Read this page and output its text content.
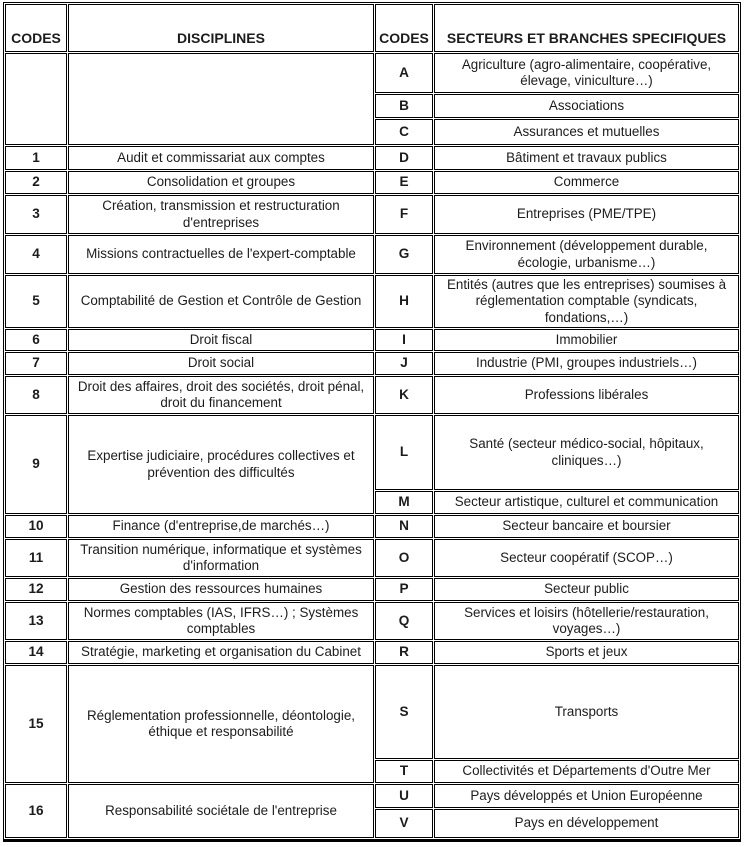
CODES	DISCIPLINES	CODES	SECTEURS ET BRANCHES SPECIFIQUES
		A	Agriculture (agro-alimentaire, coopérative, élevage, viniculture…)
		B	Associations
		C	Assurances et mutuelles
1	Audit et commissariat aux comptes	D	Bâtiment et travaux publics
2	Consolidation et groupes	E	Commerce
3	Création, transmission et restructuration d'entreprises	F	Entreprises (PME/TPE)
4	Missions contractuelles de l'expert-comptable	G	Environnement (développement durable, écologie, urbanisme…)
5	Comptabilité de Gestion et Contrôle de Gestion	H	Entités (autres que les entreprises) soumises à réglementation comptable (syndicats, fondations,…)
6	Droit fiscal	I	Immobilier
7	Droit social	J	Industrie (PMI, groupes industriels…)
8	Droit des affaires, droit des sociétés, droit pénal, droit du financement	K	Professions libérales
9	Expertise judiciaire, procédures collectives et prévention des difficultés	L	Santé (secteur médico-social, hôpitaux, cliniques…)
		M	Secteur artistique, culturel et communication
10	Finance (d'entreprise,de marchés…)	N	Secteur bancaire et boursier
11	Transition numérique, informatique et systèmes d'information	O	Secteur coopératif (SCOP…)
12	Gestion des ressources humaines	P	Secteur public
13	Normes comptables (IAS, IFRS…) ; Systèmes comptables	Q	Services et loisirs (hôtellerie/restauration, voyages…)
14	Stratégie, marketing et organisation du Cabinet	R	Sports et jeux
15	Réglementation professionnelle, déontologie, éthique et responsabilité	S	Transports
		T	Collectivités et Départements d'Outre Mer
16	Responsabilité sociétale de l'entreprise	U	Pays développés et Union Européenne
		V	Pays en développement
